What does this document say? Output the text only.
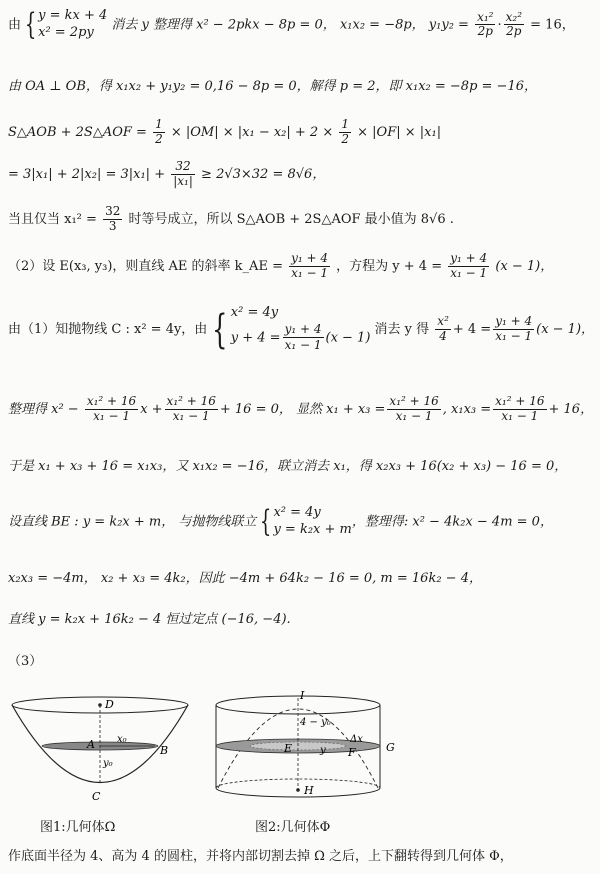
由 { y = kx + 4
x² = 2py	消去 y 整理得 x² − 2pkx − 8p = 0， x₁x₂ = −8p， $y_1y_2 = \frac{\text{x₁²}}{2p} \cdot \frac{\text{x₂²}}{2p} = 16$，
由 OA ⊥ OB，得 x₁x₂ + y₁y₂ = 0,16 − 8p = 0，解得 p = 2，即 x₁x₂ = −8p = −16，
S△AOB + 2S△AOF = $\frac{1}{2} \times |OM| \times |x_1 - x_2| + 2 \times \frac{1}{2} \times |OF| \times |x_1|$
= $3|x_1| + 2|x_2| = 3|x_1| + \frac{32}{\text{|x₁|}} \ge 2√3\times 32 = 8√6$，
当且仅当 $x_1^2 = \frac{32}{3}$ 时等号成立，所以 S△AOB + 2S△AOF 最小值为 8√6 .
（2）设 E(x₃, y₃)，则直线 AE 的斜率 k_AE = $\frac{\text{y₁ + 4}}{\text{x₁ − 1}}$ ，方程为 $y + 4 = \frac{\text{y₁ + 4}}{\text{x₁ − 1}} (x - 1)$，
由（1）知抛物线 C : x² = 4y，由 { x² = 4y
$y + 4 = \frac{\text{y₁ + 4}}{\text{x₁ − 1}} (x - 1)$
消去 y 得 $\frac{\text{x²}}{4} + 4 = \frac{\text{y₁ + 4}}{\text{x₁ − 1}} (x - 1)$，
整理得 $x^2 - \frac{\text{x₁² + 16}}{\text{x₁ − 1}}$ $x + \frac{\text{x₁² + 16}}{\text{x₁ − 1}} + 16 = 0$， 显然 $x_1 + x_3 = \frac{\text{x₁² + 16}}{\text{x₁ − 1}}$ , $x_1x_3 = \frac{\text{x₁² + 16}}{\text{x₁ − 1}} + 16$，
于是 x₁ + x₃ + 16 = x₁x₃，又 x₁x₂ = −16，联立消去 x₁，得 x₂x₃ + 16(x₂ + x₃) − 16 = 0，
设直线 BE : y = k₂x + m， 与抛物线联立 { x² = 4y
y = k₂x + m ，整理得: x² − 4k₂x − 4m = 0，
x₂x₃ = −4m， x₂ + x₃ = 4k₂，因此 −4m + 64k₂ − 16 = 0, m = 16k₂ − 4，
直线 y = k₂x + 16k₂ − 4 恒过定点 (−16, −4).
（3）
D
A	B
C
x₀
y₀
图1:几何体Ω
I
4 − y₀
E	y F
Δx
G
H
图2:几何体Φ
作底面半径为 4、高为 4 的圆柱，并将内部切割去掉 Ω 之后，上下翻转得到几何体 Φ，
